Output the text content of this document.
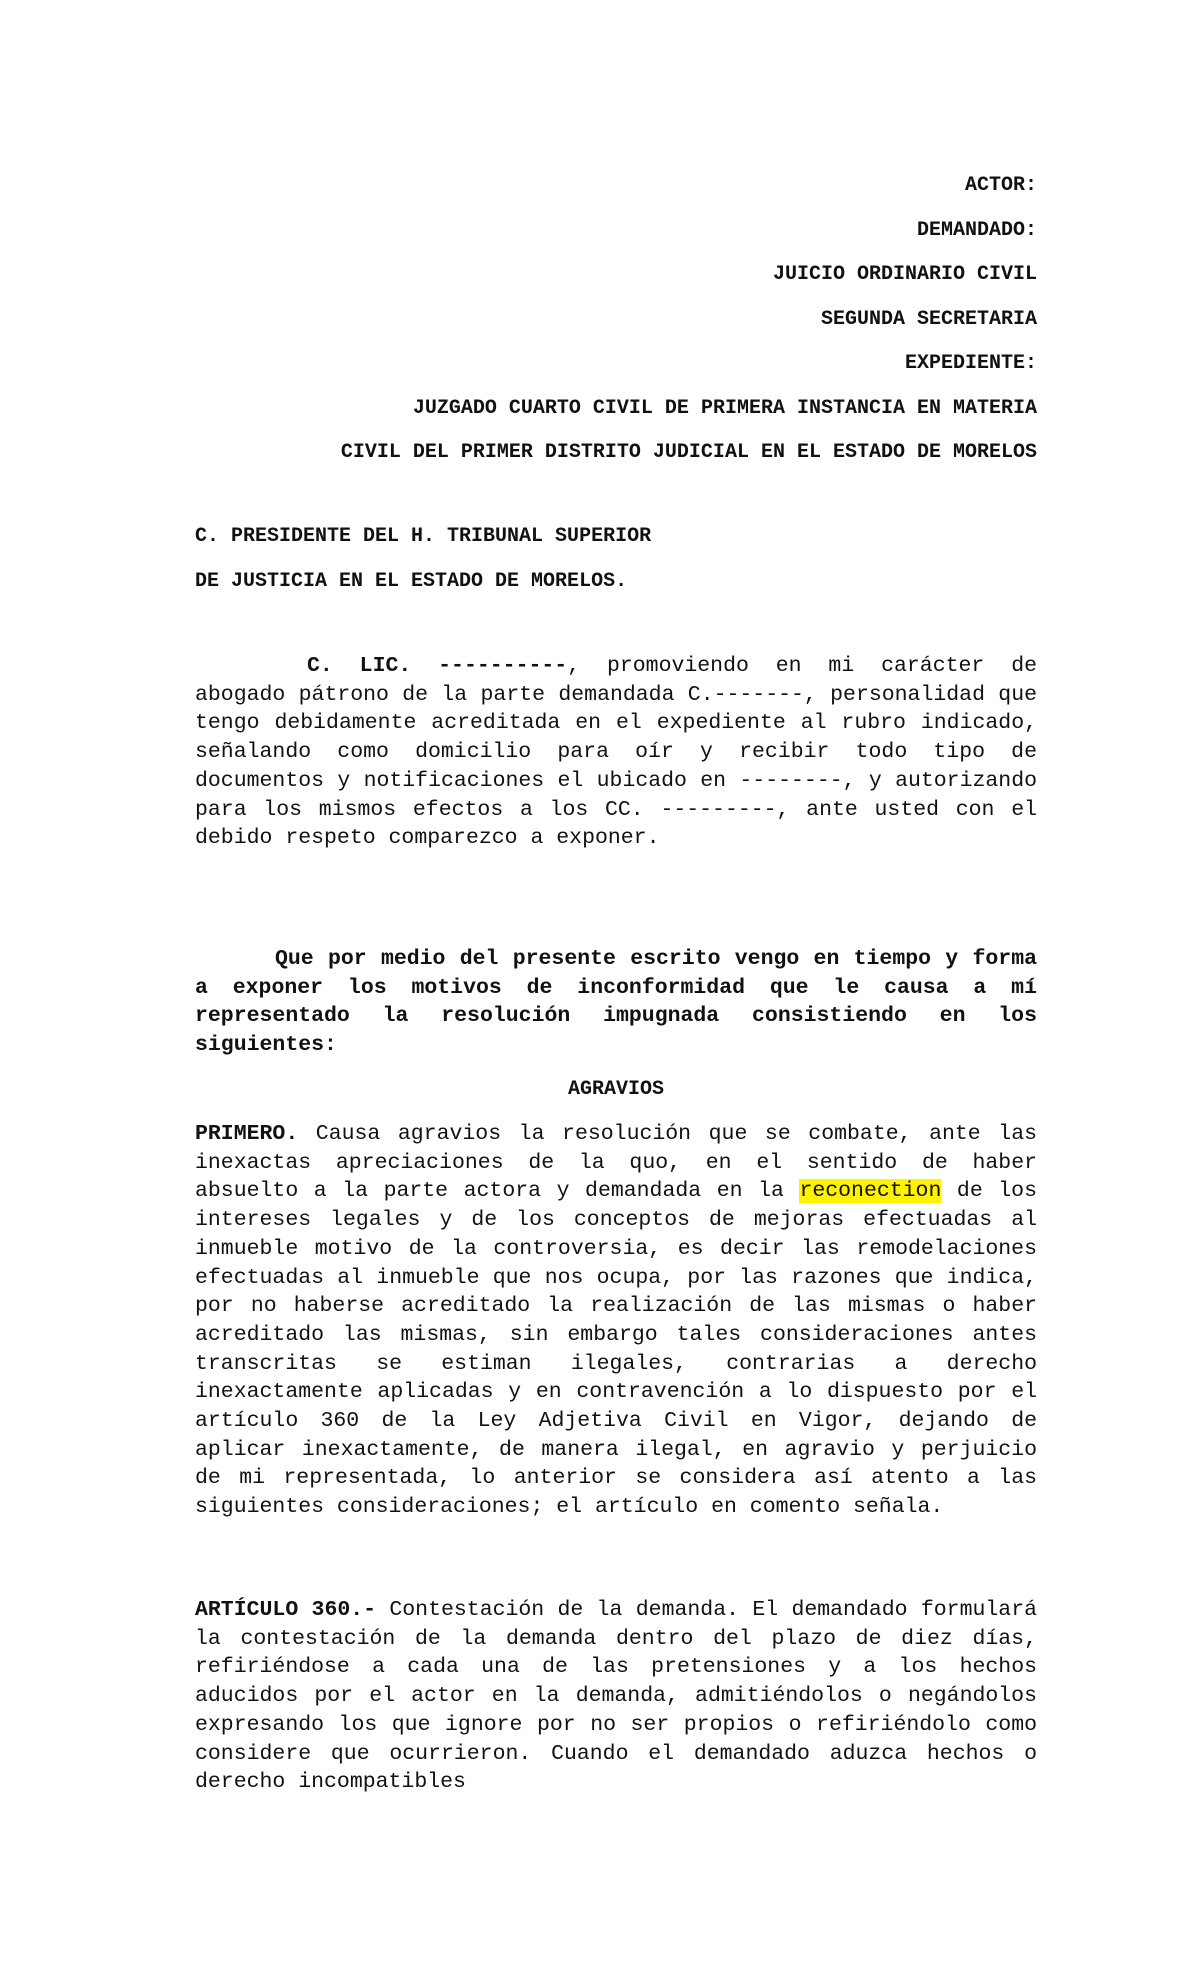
ACTOR:
DEMANDADO:
JUICIO ORDINARIO CIVIL
SEGUNDA SECRETARIA
EXPEDIENTE:
JUZGADO CUARTO CIVIL DE PRIMERA INSTANCIA EN MATERIA
CIVIL DEL PRIMER DISTRITO JUDICIAL EN EL ESTADO DE MORELOS
C. PRESIDENTE DEL H. TRIBUNAL SUPERIOR
DE JUSTICIA EN EL ESTADO DE MORELOS.

C. LIC. ----------, promoviendo en mi carácter de abogado pátrono de la parte demandada C.-------, personalidad que tengo debidamente acreditada en el expediente al rubro indicado, señalando como domicilio para oír y recibir todo tipo de documentos y notificaciones el ubicado en --------, y autorizando para los mismos efectos a los CC. ---------, ante usted con el debido respeto comparezco a exponer.

Que por medio del presente escrito vengo en tiempo y forma a exponer los motivos de inconformidad que le causa a mí representado la resolución impugnada consistiendo en los siguientes:

AGRAVIOS

PRIMERO. Causa agravios la resolución que se combate, ante las inexactas apreciaciones de la quo, en el sentido de haber absuelto a la parte actora y demandada en la reconection de los intereses legales y de los conceptos de mejoras efectuadas al inmueble motivo de la controversia, es decir las remodelaciones efectuadas al inmueble que nos ocupa, por las razones que indica, por no haberse acreditado la realización de las mismas o haber acreditado las mismas, sin embargo tales consideraciones antes transcritas se estiman ilegales, contrarias a derecho inexactamente aplicadas y en contravención a lo dispuesto por el artículo 360 de la Ley Adjetiva Civil en Vigor, dejando de aplicar inexactamente, de manera ilegal, en agravio y perjuicio de mi representada, lo anterior se considera así atento a las siguientes consideraciones; el artículo en comento señala.

ARTÍCULO 360.- Contestación de la demanda. El demandado formulará la contestación de la demanda dentro del plazo de diez días, refiriéndose a cada una de las pretensiones y a los hechos aducidos por el actor en la demanda, admitiéndolos o negándolos expresando los que ignore por no ser propios o refiriéndolo como considere que ocurrieron. Cuando el demandado aduzca hechos o derecho incompatibles
